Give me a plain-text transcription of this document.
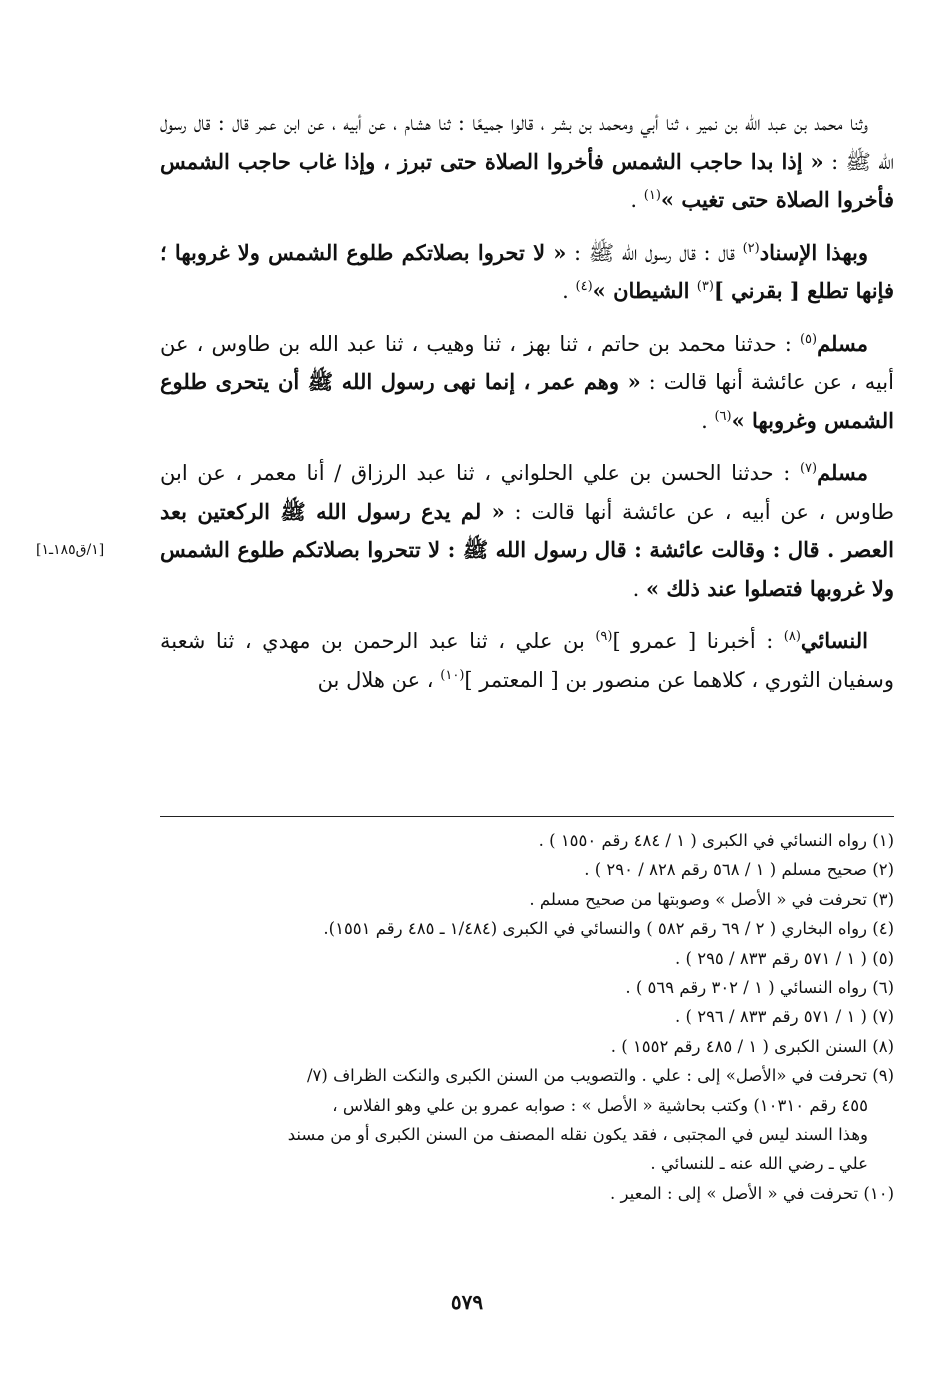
وثنا محمد بن عبد الله بن نمير ، ثنا أبي ومحمد بن بشر ، قالوا جميعًا : ثنا هشام ، عن أبيه ، عن ابن عمر قال : قال رسول الله ﷺ : « إذا بدا حاجب الشمس فأخروا الصلاة حتى تبرز ، وإذا غاب حاجب الشمس فأخروا الصلاة حتى تغيب »$^{(١)}$ .

وبهذا الإسناد$^{(٢)}$ قال : قال رسول الله ﷺ : « لا تحروا بصلاتكم طلوع الشمس ولا غروبها ؛ فإنها تطلع [ بقرني ]$^{(٣)}$ الشيطان »$^{(٤)}$ .

مسلم$^{(٥)}$ : حدثنا محمد بن حاتم ، ثنا بهز ، ثنا وهيب ، ثنا عبد الله بن طاوس ، عن أبيه ، عن عائشة أنها قالت : « وهم عمر ، إنما نهى رسول الله ﷺ أن يتحرى طلوع الشمس وغروبها »$^{(٦)}$ .

مسلم$^{(٧)}$ : حدثنا الحسن بن علي الحلواني ، ثنا عبد الرزاق / أنا معمر ، عن ابن طاوس ، عن أبيه ، عن عائشة أنها قالت : « لم يدع رسول الله ﷺ الركعتين بعد العصر . قال : وقالت عائشة : قال رسول الله ﷺ : لا تتحروا بصلاتكم طلوع الشمس ولا غروبها فتصلوا عند ذلك » .

النسائي$^{(٨)}$ : أخبرنا [ عمرو ]$^{(٩)}$ بن علي ، ثنا عبد الرحمن بن مهدي ، ثنا شعبة وسفيان الثوري ، كلاهما عن منصور بن [ المعتمر ]$^{(١٠)}$ ، عن هلال بن

[١/ق١٨٥ـ١]
(١) رواه النسائي في الكبرى ( ١ / ٤٨٤ رقم ١٥٥٠ ) .
(٢) صحيح مسلم ( ١ / ٥٦٨ رقم ٨٢٨ / ٢٩٠ ) .
(٣) تحرفت في « الأصل » وصوبتها من صحيح مسلم .
(٤) رواه البخاري ( ٢ / ٦٩ رقم ٥٨٢ ) والنسائي في الكبرى (١/٤٨٤ ـ ٤٨٥ رقم ١٥٥١).
(٥) ( ١ / ٥٧١ رقم ٨٣٣ / ٢٩٥ ) .
(٦) رواه النسائي ( ١ / ٣٠٢ رقم ٥٦٩ ) .
(٧) ( ١ / ٥٧١ رقم ٨٣٣ / ٢٩٦ ) .
(٨) السنن الكبرى ( ١ / ٤٨٥ رقم ١٥٥٢ ) .
(٩) تحرفت في «الأصل» إلى : علي . والتصويب من السنن الكبرى والنكت الظراف (٧/
٤٥٥ رقم ١٠٣١٠) وكتب بحاشية « الأصل » : صوابه عمرو بن علي وهو الفلاس ،
وهذا السند ليس في المجتبى ، فقد يكون نقله المصنف من السنن الكبرى أو من مسند
علي ـ رضي الله عنه ـ للنسائي .
(١٠) تحرفت في « الأصل » إلى : المعير .
٥٧٩
